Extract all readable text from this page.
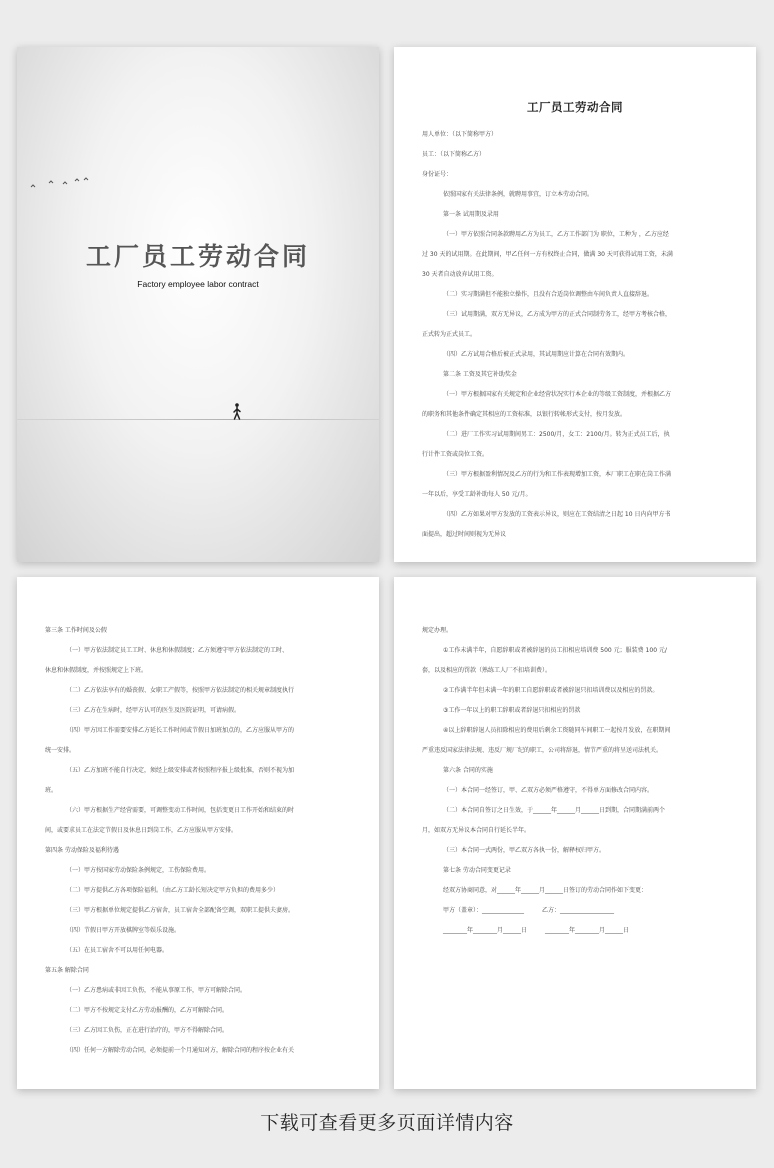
工厂员工劳动合同
Factory employee labor contract
工厂员工劳动合同
用人单位：（以下简称甲方）
员工：（以下简称乙方）
身份证号：
依照国家有关法律条例，就聘用事宜，订立本劳动合同。
第一条 试用期及录用
（一）甲方依照合同条款聘用乙方为员工，乙方工作部门为 职位，工种为 ，乙方应经
过 30 天的试用期。在此期间，甲乙任何一方有权终止合同，做满 30 天可获得试用工资，未满
30 天者自动放弃试用工资。
（二）实习期满但不能独立操作，且没有合适岗位调整由车间负责人直接辞退。
（三）试用期满，双方无异议，乙方成为甲方的正式合同制劳务工，经甲方考核合格，
正式转为正式员工。
（四）乙方试用合格后被正式录用，其试用期应计算在合同有效期内。
第二条 工资及其它补助奖金
（一）甲方根据国家有关规定和企业经营状况实行本企业的等级工资制度，并根据乙方
的职务和其他条件确定其相应的工资标准，以银行转帐形式支付，按月发放。
（二）进厂工作实习试用期间男工：2500/月，女工：2100/月。转为正式员工后，执
行计件工资或岗位工资。
（三）甲方根据盈利情况及乙方的行为和工作表现增加工资，本厂职工在职在岗工作满
一年以后，享受工龄补助每人 50 元/月。
（四）乙方如果对甲方发放的工资表示异议，则应在工资结清之日起 10 日内向甲方书
面提出，超过时间则视为无异议
第三条 工作时间及公假
（一）甲方依法制定员工工时、休息和休假制度；乙方须遵守甲方依法制定的工时、
休息和休假制度，并按照规定上下班。
（二）乙方依法享有的婚丧假、女职工产假等，按照甲方依法制定的相关规章制度执行
（三）乙方在生病时，经甲方认可的医生及医院证明，可请病假。
（四）甲方因工作需要安排乙方延长工作时间或节假日加班加点的，乙方应服从甲方的
统一安排。
（五）乙方加班不能自行决定，须经上级安排或者按照程序报上级批准，否则不视为加
班。
（六）甲方根据生产经营需要，可调整变动工作时间，包括变更日工作开始和结束的时
间，或要求员工在法定节假日及休息日到岗工作，乙方应服从甲方安排。
第四条 劳动保险及福利待遇
（一）甲方按国家劳动保险条例规定，工伤保险费用。
（二）甲方提供乙方各项保险福利。（由乙方工龄长短决定甲方负担的费用多少）
（三）甲方根据单位规定提供乙方宿舍，员工宿舍全部配备空调，双职工提供夫妻房。
（四）节假日甲方开放棋牌室等娱乐设施。
（五）在员工宿舍不可以用任何电器。
第五条 解除合同
（一）乙方患病或非因工负伤，不能从事原工作，甲方可解除合同。
（二）甲方不按规定支付乙方劳动报酬的，乙方可解除合同。
（三）乙方因工负伤，正在进行治疗的，甲方不得解除合同。
（四）任何一方解除劳动合同，必须提前一个月通知对方，解除合同的程序按企业有关
规定办理。
①工作未满半年，自愿辞职或者被辞退的员工扣相应培训费 500 元；服装费 100 元/
套，以及相应的罚款（熟练工人厂不扣培训费）。
②工作满半年但未满一年的职工自愿辞职或者被辞退只扣培训费以及相应的罚款。
③工作一年以上的职工辞职或者辞退只扣相应的罚款
④以上辞职辞退人员扣除相应的费用后剩余工资随同车间职工一起按月发放，在职期间
严重违反国家法律法规、违反厂规厂纪的职工，公司将辞退，情节严重的将呈送司法机关。
第六条 合同的实施
（一）本合同一经签订，甲、乙双方必须严格遵守，不得单方面修改合同内容。
（二）本合同自签订之日生效，于______年______月______日到期，合同期满前两个
月，如双方无异议本合同自行延长半年。
（三）本合同一式两份，甲乙双方各执一份，解释权归甲方。
第七条 劳动合同变更记录
经双方协商同意，对______年______月______日签订的劳动合同作如下变更：
甲方（盖章）：______________　　　乙方：__________________
________年________月______日　　　________年________月______日
下载可查看更多页面详情内容
